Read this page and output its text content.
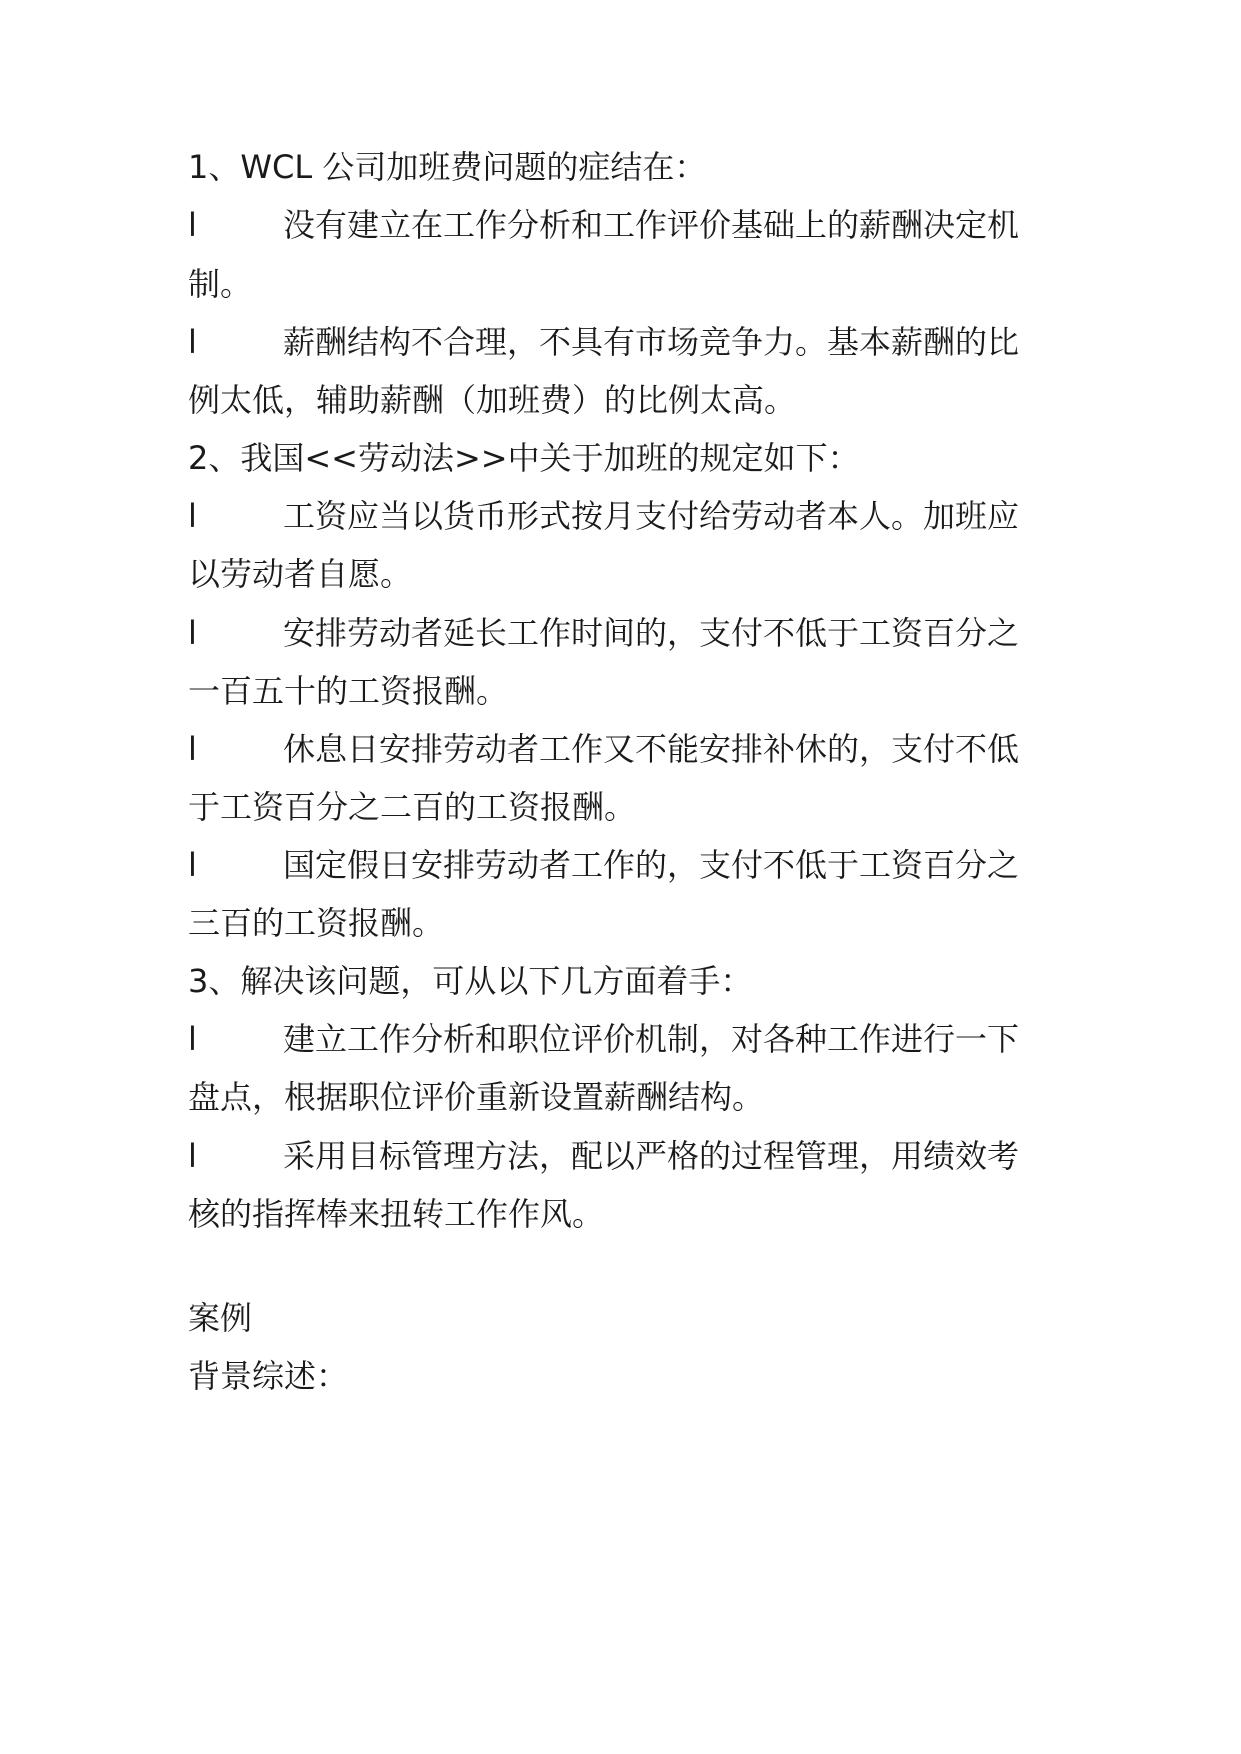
1、WCL 公司加班费问题的症结在：
l	没有建立在工作分析和工作评价基础上的薪酬决定机
制。
l	薪酬结构不合理，不具有市场竞争力。基本薪酬的比
例太低，辅助薪酬（加班费）的比例太高。
2、我国<<劳动法>>中关于加班的规定如下：
l	工资应当以货币形式按月支付给劳动者本人。加班应
以劳动者自愿。
l	安排劳动者延长工作时间的，支付不低于工资百分之
一百五十的工资报酬。
l	休息日安排劳动者工作又不能安排补休的，支付不低
于工资百分之二百的工资报酬。
l	国定假日安排劳动者工作的，支付不低于工资百分之
三百的工资报酬。
3、解决该问题，可从以下几方面着手：
l	建立工作分析和职位评价机制，对各种工作进行一下
盘点，根据职位评价重新设置薪酬结构。
l	采用目标管理方法，配以严格的过程管理，用绩效考
核的指挥棒来扭转工作作风。
案例
背景综述：
